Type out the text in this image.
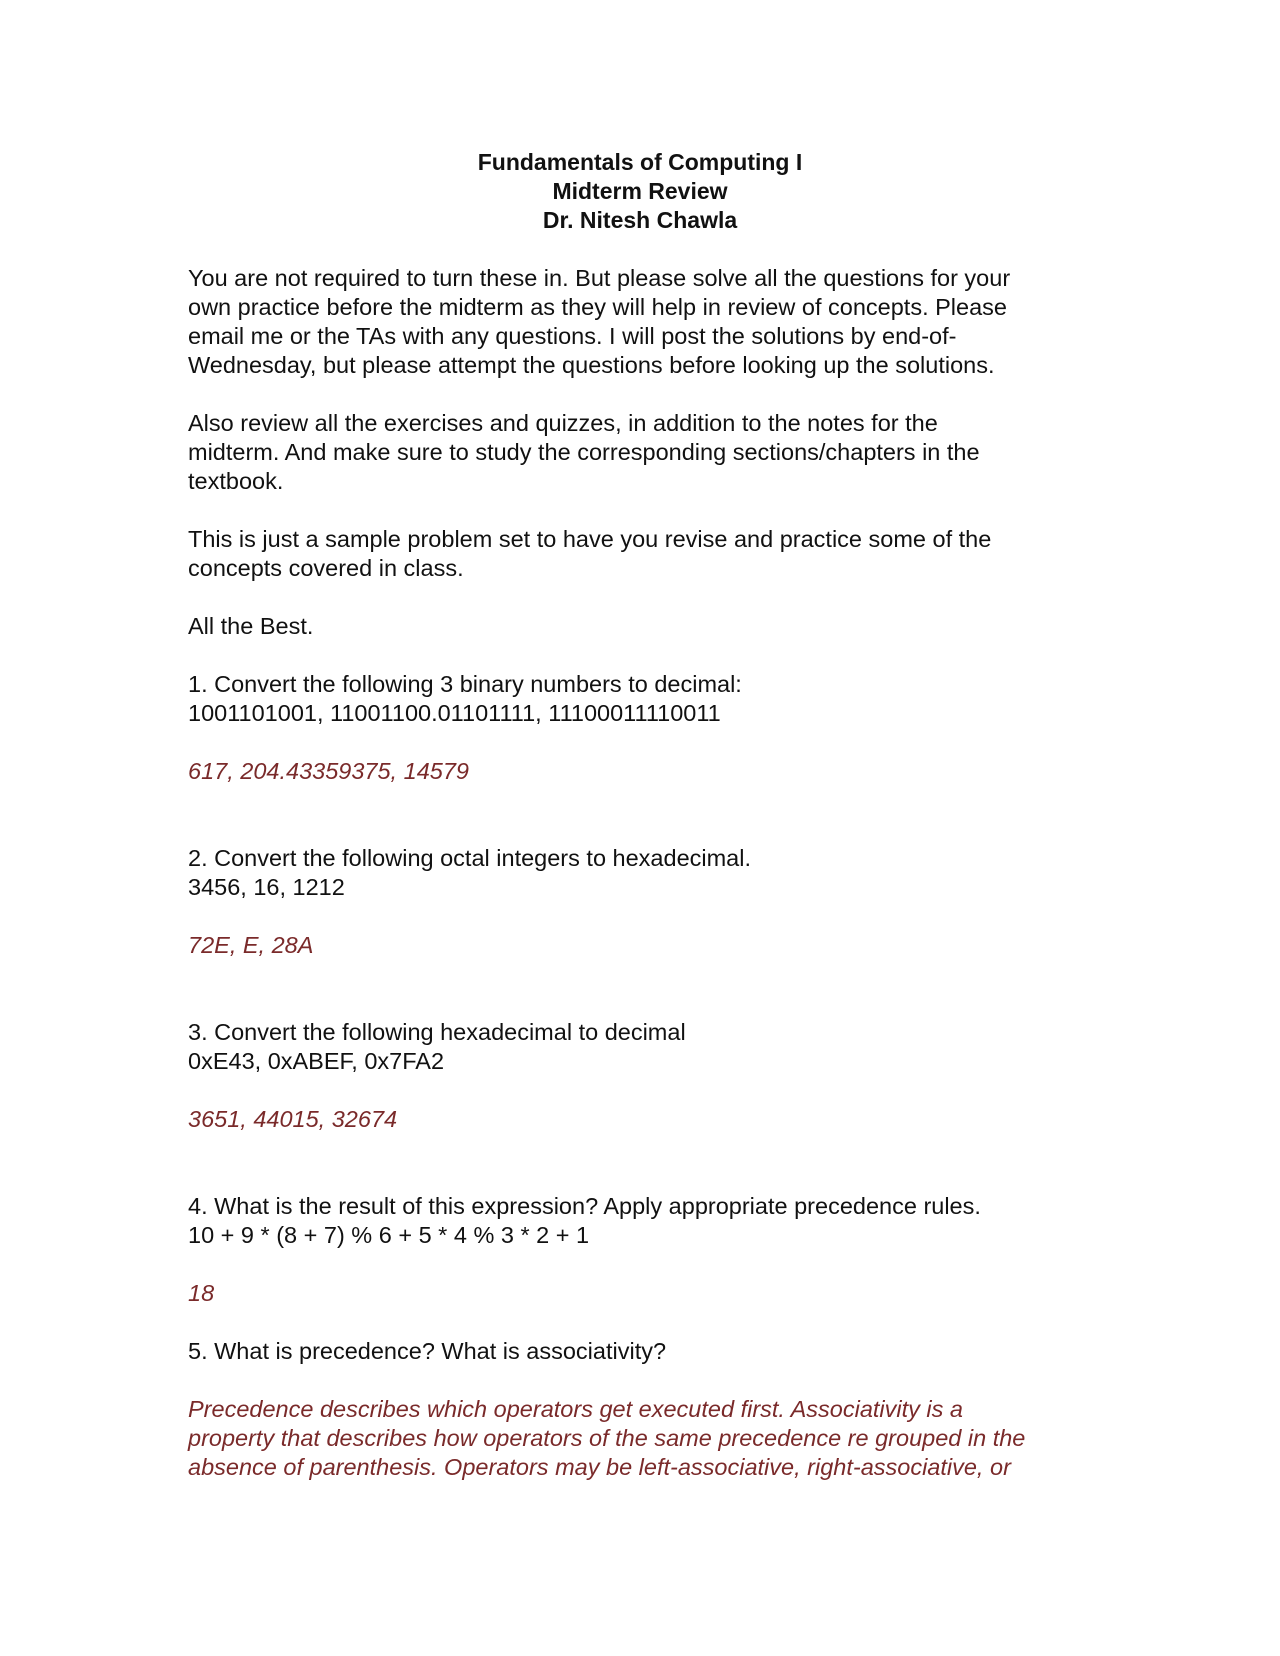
Fundamentals of Computing I
Midterm Review
Dr. Nitesh Chawla

You are not required to turn these in. But please solve all the questions for your
own practice before the midterm as they will help in review of concepts. Please
email me or the TAs with any questions. I will post the solutions by end-of-
Wednesday, but please attempt the questions before looking up the solutions.

Also review all the exercises and quizzes, in addition to the notes for the
midterm. And make sure to study the corresponding sections/chapters in the
textbook.

This is just a sample problem set to have you revise and practice some of the
concepts covered in class.

All the Best.

1. Convert the following 3 binary numbers to decimal:
1001101001, 11001100.01101111, 11100011110011

617, 204.43359375, 14579

2. Convert the following octal integers to hexadecimal.
3456, 16, 1212

72E, E, 28A

3. Convert the following hexadecimal to decimal
0xE43, 0xABEF, 0x7FA2

3651, 44015, 32674

4. What is the result of this expression? Apply appropriate precedence rules.
10 + 9 * (8 + 7) % 6 + 5 * 4 % 3 * 2 + 1

18

5. What is precedence? What is associativity?

Precedence describes which operators get executed first. Associativity is a
property that describes how operators of the same precedence re grouped in the
absence of parenthesis. Operators may be left-associative, right-associative, or
